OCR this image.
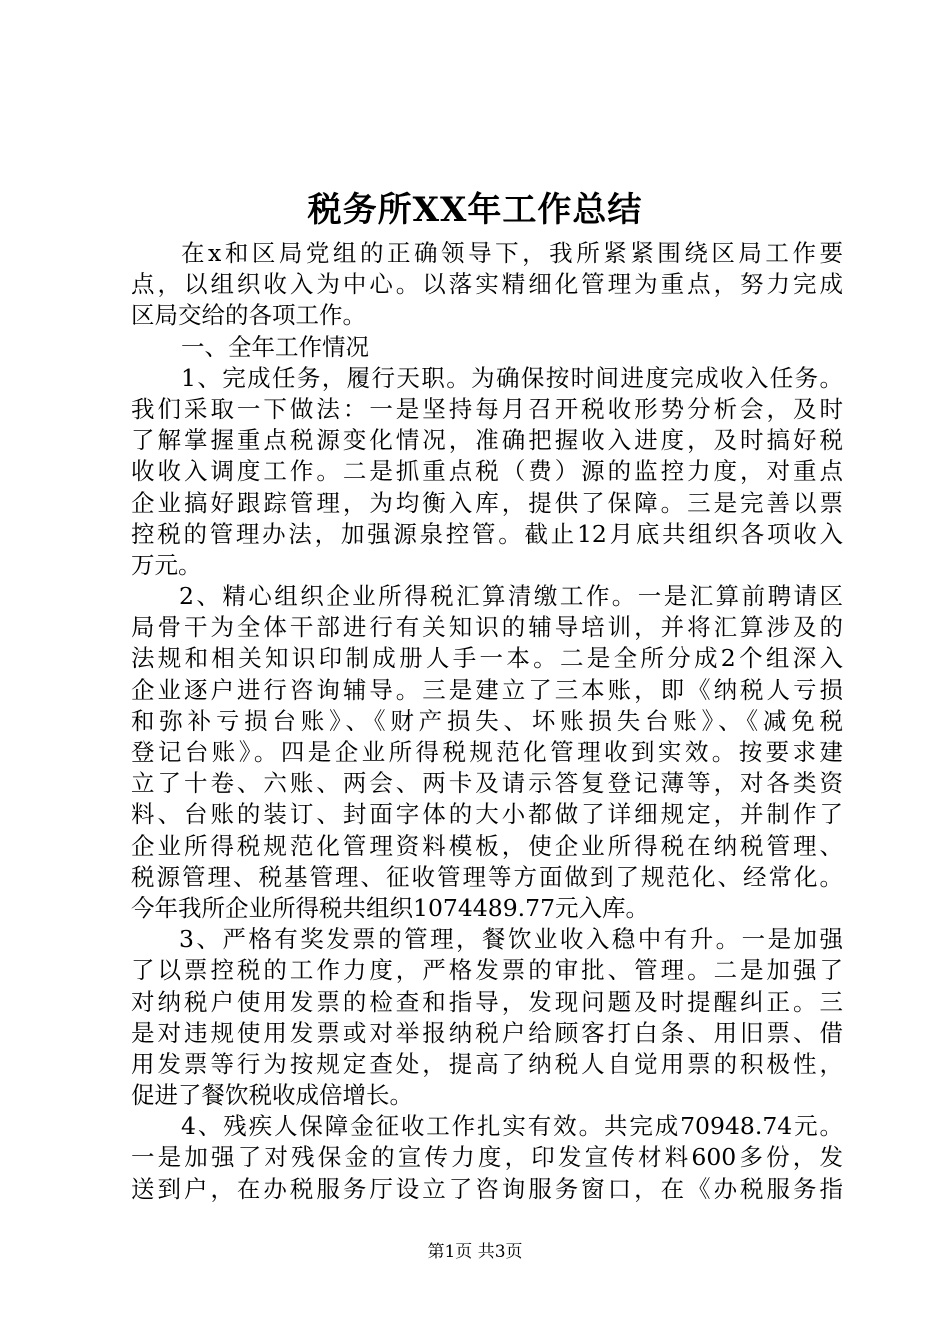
税务所XX年工作总结
在x和区局党组的正确领导下，我所紧紧围绕区局工作要
点，以组织收入为中心。以落实精细化管理为重点，努力完成
区局交给的各项工作。
一、全年工作情况
1、完成任务，履行天职。为确保按时间进度完成收入任务。
我们采取一下做法：一是坚持每月召开税收形势分析会，及时
了解掌握重点税源变化情况，准确把握收入进度，及时搞好税
收收入调度工作。二是抓重点税（费）源的监控力度，对重点
企业搞好跟踪管理，为均衡入库，提供了保障。三是完善以票
控税的管理办法，加强源泉控管。截止12月底共组织各项收入
万元。
2、精心组织企业所得税汇算清缴工作。一是汇算前聘请区
局骨干为全体干部进行有关知识的辅导培训，并将汇算涉及的
法规和相关知识印制成册人手一本。二是全所分成2个组深入
企业逐户进行咨询辅导。三是建立了三本账，即《纳税人亏损
和弥补亏损台账》、《财产损失、坏账损失台账》、《减免税
登记台账》。四是企业所得税规范化管理收到实效。按要求建
立了十卷、六账、两会、两卡及请示答复登记薄等，对各类资
料、台账的装订、封面字体的大小都做了详细规定，并制作了
企业所得税规范化管理资料模板，使企业所得税在纳税管理、
税源管理、税基管理、征收管理等方面做到了规范化、经常化。
今年我所企业所得税共组织1074489.77元入库。
3、严格有奖发票的管理，餐饮业收入稳中有升。一是加强
了以票控税的工作力度，严格发票的审批、管理。二是加强了
对纳税户使用发票的检查和指导，发现问题及时提醒纠正。三
是对违规使用发票或对举报纳税户给顾客打白条、用旧票、借
用发票等行为按规定查处，提高了纳税人自觉用票的积极性，
促进了餐饮税收成倍增长。
4、残疾人保障金征收工作扎实有效。共完成70948.74元。
一是加强了对残保金的宣传力度，印发宣传材料600多份，发
送到户，在办税服务厅设立了咨询服务窗口，在《办税服务指
第1页 共3页
